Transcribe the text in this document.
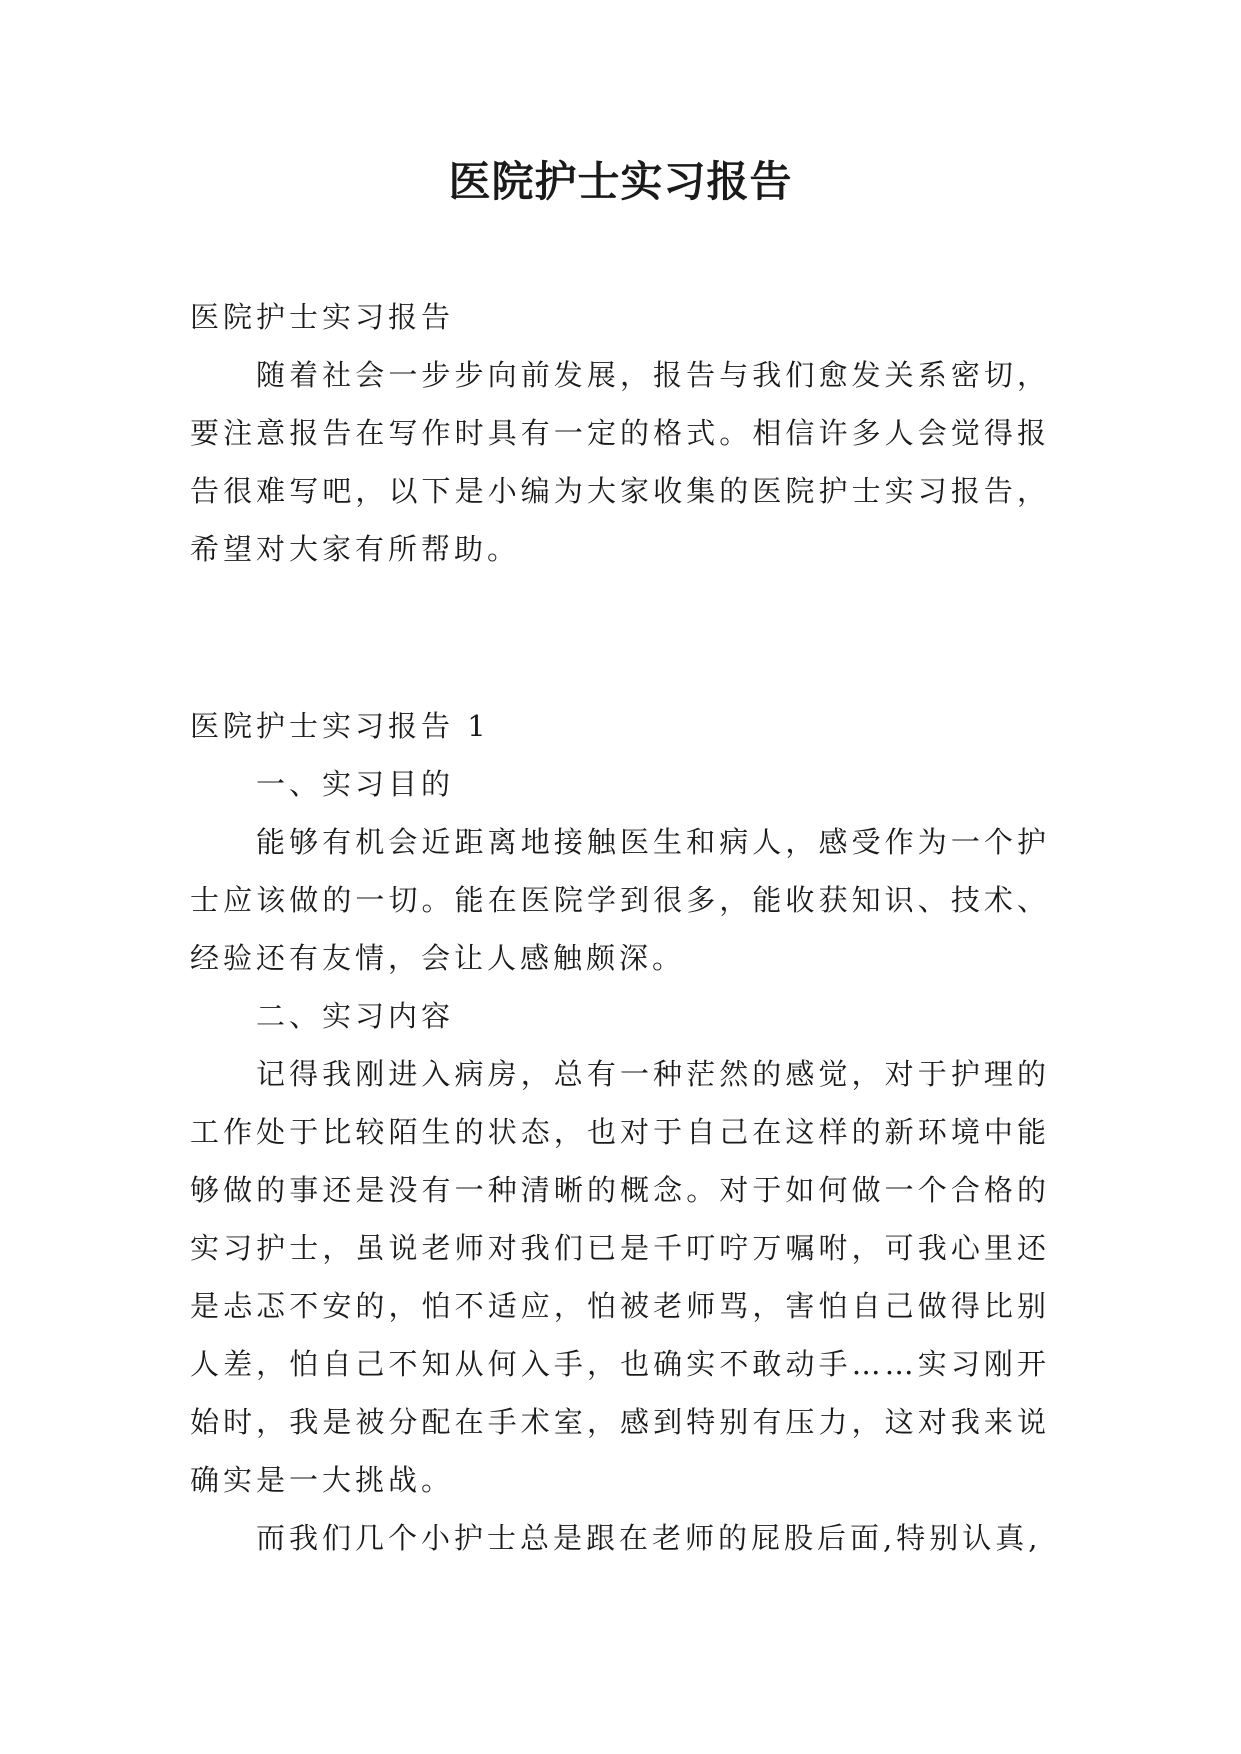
医院护士实习报告

医院护士实习报告

随着社会一步步向前发展，报告与我们愈发关系密切，要注意报告在写作时具有一定的格式。相信许多人会觉得报告很难写吧，以下是小编为大家收集的医院护士实习报告，希望对大家有所帮助。

医院护士实习报告 1

一、实习目的

能够有机会近距离地接触医生和病人，感受作为一个护士应该做的一切。能在医院学到很多，能收获知识、技术、经验还有友情，会让人感触颇深。

二、实习内容

记得我刚进入病房，总有一种茫然的感觉，对于护理的工作处于比较陌生的状态，也对于自己在这样的新环境中能够做的事还是没有一种清晰的概念。对于如何做一个合格的实习护士，虽说老师对我们已是千叮咛万嘱咐，可我心里还是忐忑不安的，怕不适应，怕被老师骂，害怕自己做得比别人差，怕自己不知从何入手，也确实不敢动手……实习刚开始时，我是被分配在手术室，感到特别有压力，这对我来说确实是一大挑战。

而我们几个小护士总是跟在老师的屁股后面,特别认真,
